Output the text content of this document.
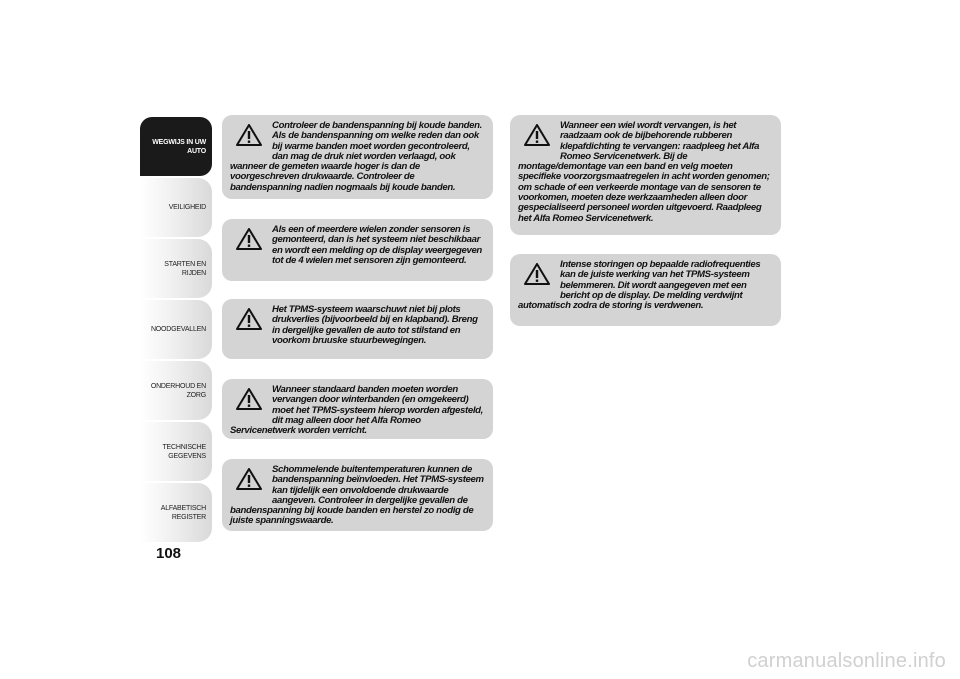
WEGWIJS IN UW AUTO
VEILIGHEID
STARTEN EN RIJDEN
NOODGEVALLEN
ONDERHOUD EN ZORG
TECHNISCHE GEGEVENS
ALFABETISCH REGISTER
108

Controleer de bandenspanning bij koude banden. Als de bandenspanning om welke reden dan ook bij warme banden moet worden gecontroleerd, dan mag de druk niet worden verlaagd, ook wanneer de gemeten waarde hoger is dan de voorgeschreven drukwaarde. Controleer de bandenspanning nadien nogmaals bij koude banden.

Als een of meerdere wielen zonder sensoren is gemonteerd, dan is het systeem niet beschikbaar en wordt een melding op de display weergegeven tot de 4 wielen met sensoren zijn gemonteerd.

Het TPMS-systeem waarschuwt niet bij plots drukverlies (bijvoorbeeld bij en klapband). Breng in dergelijke gevallen de auto tot stilstand en voorkom bruuske stuurbewegingen.

Wanneer standaard banden moeten worden vervangen door winterbanden (en omgekeerd) moet het TPMS-systeem hierop worden afgesteld, dit mag alleen door het Alfa Romeo Servicenetwerk worden verricht.

Schommelende buitentemperaturen kunnen de bandenspanning beïnvloeden. Het TPMS-systeem kan tijdelijk een onvoldoende drukwaarde aangeven. Controleer in dergelijke gevallen de bandenspanning bij koude banden en herstel zo nodig de juiste spanningswaarde.

Wanneer een wiel wordt vervangen, is het raadzaam ook de bijbehorende rubberen klepafdichting te vervangen: raadpleeg het Alfa Romeo Servicenetwerk. Bij de montage/demontage van een band en velg moeten specifieke voorzorgsmaatregelen in acht worden genomen; om schade of een verkeerde montage van de sensoren te voorkomen, moeten deze werkzaamheden alleen door gespecialiseerd personeel worden uitgevoerd. Raadpleeg het Alfa Romeo Servicenetwerk.

Intense storingen op bepaalde radiofrequenties kan de juiste werking van het TPMS-systeem belemmeren. Dit wordt aangegeven met een bericht op de display. De melding verdwijnt automatisch zodra de storing is verdwenen.

carmanualsonline.info
